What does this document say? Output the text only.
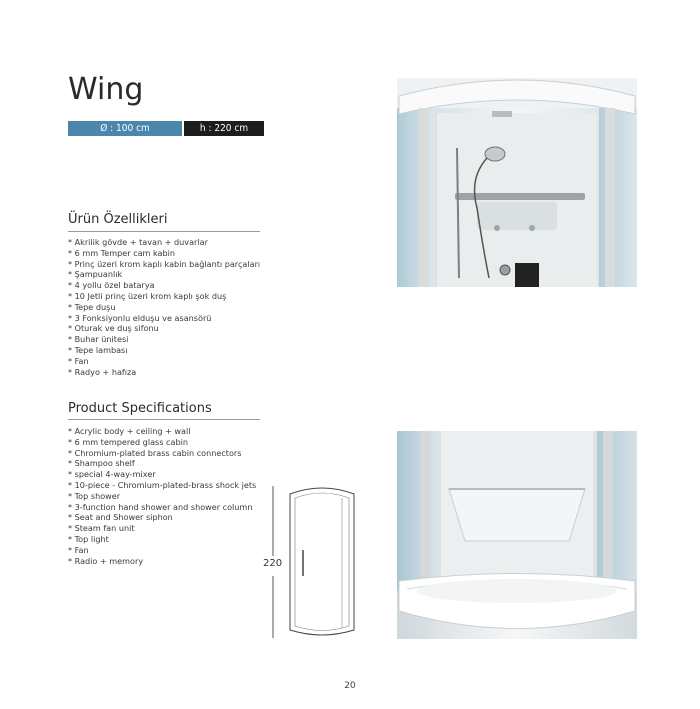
Wing
Ø : 100 cm	h : 220 cm
Ürün Özellikleri
* Akrilik gövde + tavan + duvarlar
* 6 mm Temper cam kabin
* Prinç üzeri krom kaplı kabin bağlantı parçaları
* Şampuanlık
* 4 yollu özel batarya
* 10 Jetli prinç üzeri krom kaplı şok duş
* Tepe duşu
* 3 Fonksiyonlu elduşu ve asansörü
* Oturak ve duş sifonu
* Buhar ünitesi
* Tepe lambası
* Fan
* Radyo + hafıza
Product Specifications
* Acrylic body + ceiling + wall
* 6 mm tempered glass cabin
* Chromium-plated brass cabin connectors
* Shampoo shelf
* special 4-way-mixer
* 10-piece - Chromium-plated-brass shock jets
* Top shower
* 3-function hand shower and shower column
* Seat and Shower siphon
* Steam fan unit
* Top light
* Fan
* Radio + memory	220
20
